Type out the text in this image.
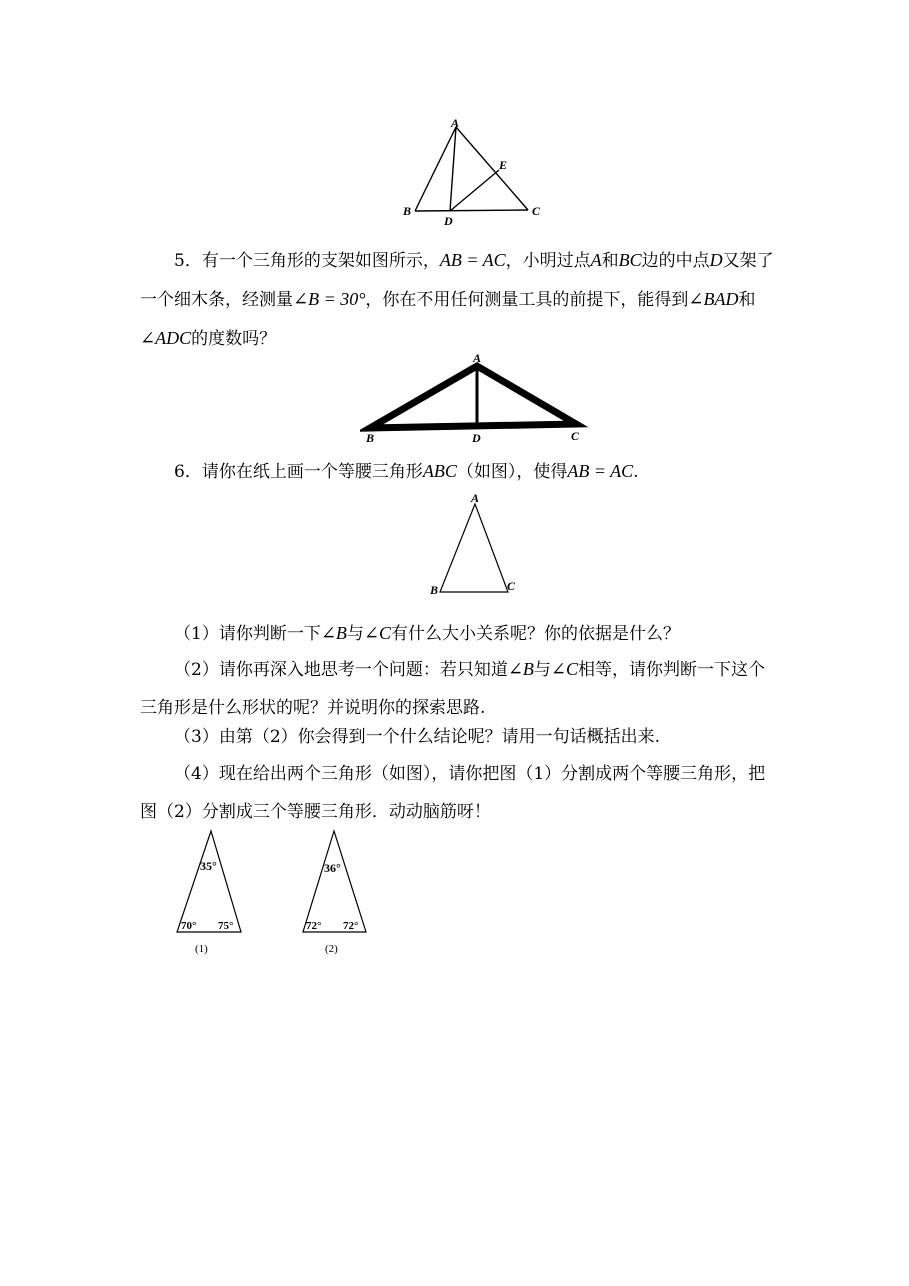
A
B	C
D
E

5．有一个三角形的支架如图所示，AB = AC，小明过点A和BC边的中点D又架了一个细木条，经测量∠B = 30°，你在不用任何测量工具的前提下，能得到∠BAD和∠ADC的度数吗？

A
B	C
D

6．请你在纸上画一个等腰三角形ABC（如图），使得AB = AC.

A
B	C

（1）请你判断一下∠B与∠C有什么大小关系呢？你的依据是什么？

（2）请你再深入地思考一个问题：若只知道∠B与∠C相等，请你判断一下这个三角形是什么形状的呢？并说明你的探索思路.

（3）由第（2）你会得到一个什么结论呢？请用一句话概括出来.

（4）现在给出两个三角形（如图），请你把图（1）分割成两个等腰三角形，把图（2）分割成三个等腰三角形．动动脑筋呀！

35°
70° 75°
(1)
36°
72° 72°
(2)
